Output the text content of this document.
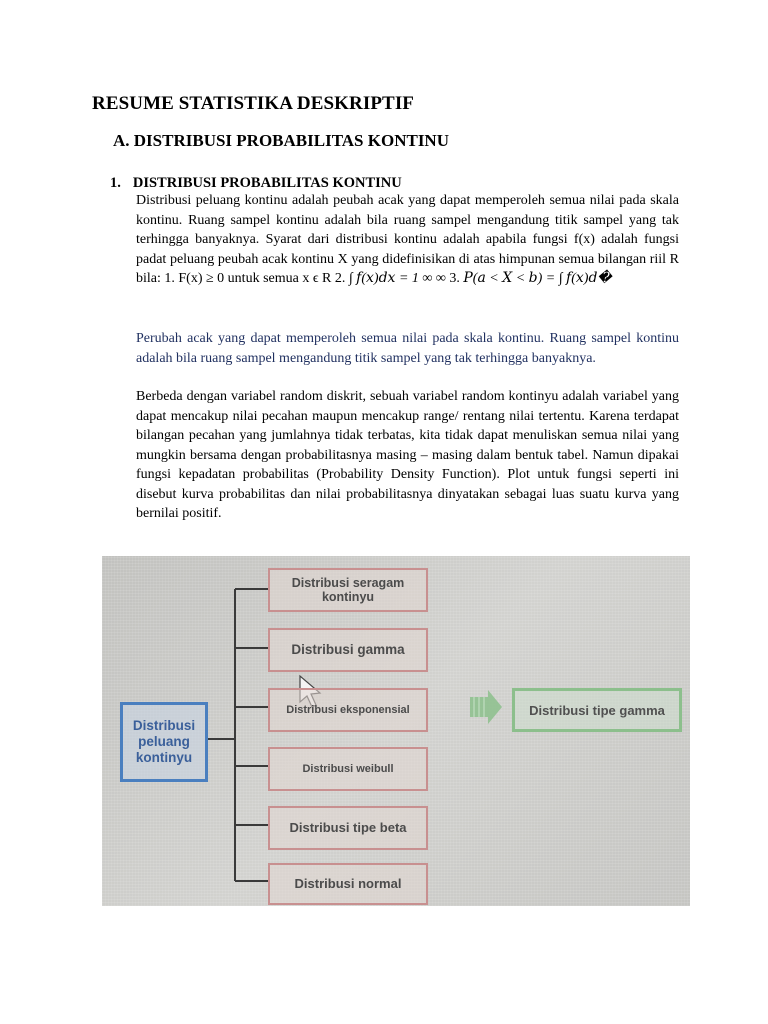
RESUME STATISTIKA DESKRIPTIF
A. DISTRIBUSI PROBABILITAS KONTINU
1. DISTRIBUSI PROBABILITAS KONTINU
Distribusi peluang kontinu adalah peubah acak yang dapat memperoleh semua nilai pada skala kontinu. Ruang sampel kontinu adalah bila ruang sampel mengandung titik sampel yang tak terhingga banyaknya. Syarat dari distribusi kontinu adalah apabila fungsi f(x) adalah fungsi padat peluang peubah acak kontinu X yang didefinisikan di atas himpunan semua bilangan riil R bila: 1. F(x) ≥ 0 untuk semua x ϵ R 2. ∫ 𝑓(𝑥)𝑑𝑥 = 1 ∞ ∞ 3. 𝑃(𝑎 < 𝑋 < 𝑏) = ∫ 𝑓(𝑥)𝑑�
Perubah acak yang dapat memperoleh semua nilai pada skala kontinu. Ruang sampel kontinu adalah bila ruang sampel mengandung titik sampel yang tak terhingga banyaknya.
Berbeda dengan variabel random diskrit, sebuah variabel random kontinyu adalah variabel yang dapat mencakup nilai pecahan maupun mencakup range/ rentang nilai tertentu. Karena terdapat bilangan pecahan yang jumlahnya tidak terbatas, kita tidak dapat menuliskan semua nilai yang mungkin bersama dengan probabilitasnya masing – masing dalam bentuk tabel. Namun dipakai fungsi kepadatan probabilitas (Probability Density Function). Plot untuk fungsi seperti ini disebut kurva probabilitas dan nilai probabilitasnya dinyatakan sebagai luas suatu kurva yang bernilai positif.
Distribusi peluang kontinyu
Distribusi seragam kontinyu
Distribusi gamma
Distribusi eksponensial
Distribusi weibull
Distribusi tipe beta
Distribusi normal
Distribusi tipe gamma
